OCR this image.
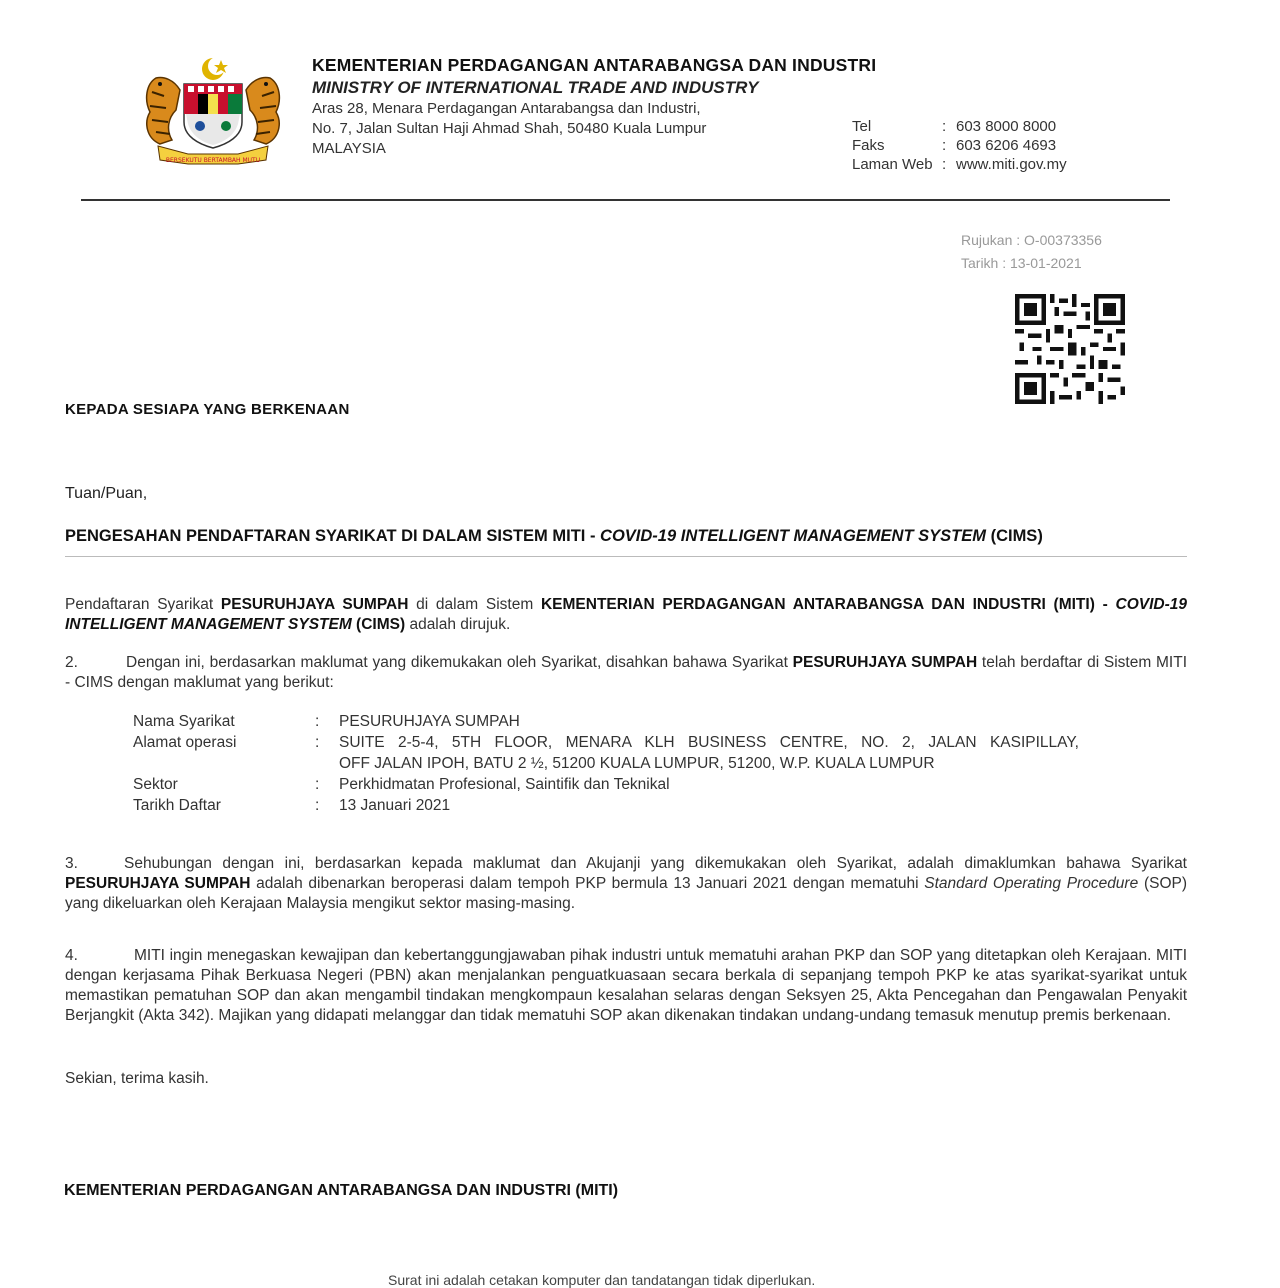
BERSEKUTU BERTAMBAH MUTU
KEMENTERIAN PERDAGANGAN ANTARABANGSA DAN INDUSTRI
MINISTRY OF INTERNATIONAL TRADE AND INDUSTRY
Aras 28, Menara Perdagangan Antarabangsa dan Industri,
No. 7, Jalan Sultan Haji Ahmad Shah, 50480 Kuala Lumpur
MALAYSIA
Tel	: 603 8000 8000
Faks	: 603 6206 4693
Laman Web : www.miti.gov.my
Rujukan : O-00373356
Tarikh : 13-01-2021
KEPADA SESIAPA YANG BERKENAAN
Tuan/Puan,
PENGESAHAN PENDAFTARAN SYARIKAT DI DALAM SISTEM MITI - COVID-19 INTELLIGENT MANAGEMENT SYSTEM (CIMS)
Pendaftaran Syarikat PESURUHJAYA SUMPAH di dalam Sistem KEMENTERIAN PERDAGANGAN ANTARABANGSA DAN INDUSTRI (MITI) - COVID-19 INTELLIGENT MANAGEMENT SYSTEM (CIMS) adalah dirujuk.
2.	Dengan ini, berdasarkan maklumat yang dikemukakan oleh Syarikat, disahkan bahawa Syarikat PESURUHJAYA SUMPAH telah berdaftar di Sistem MITI - CIMS dengan maklumat yang berikut:
Nama Syarikat	:	PESURUHJAYA SUMPAH
Alamat operasi	:	SUITE 2-5-4, 5TH FLOOR, MENARA KLH BUSINESS CENTRE, NO. 2, JALAN KASIPILLAY,
OFF JALAN IPOH, BATU 2 ½, 51200 KUALA LUMPUR, 51200, W.P. KUALA LUMPUR
Sektor	:	Perkhidmatan Profesional, Saintifik dan Teknikal
Tarikh Daftar	:	13 Januari 2021
3.	Sehubungan dengan ini, berdasarkan kepada maklumat dan Akujanji yang dikemukakan oleh Syarikat, adalah dimaklumkan bahawa Syarikat PESURUHJAYA SUMPAH adalah dibenarkan beroperasi dalam tempoh PKP bermula 13 Januari 2021 dengan mematuhi Standard Operating Procedure (SOP) yang dikeluarkan oleh Kerajaan Malaysia mengikut sektor masing-masing.
4.	MITI ingin menegaskan kewajipan dan kebertanggungjawaban pihak industri untuk mematuhi arahan PKP dan SOP yang ditetapkan oleh Kerajaan. MITI dengan kerjasama Pihak Berkuasa Negeri (PBN) akan menjalankan penguatkuasaan secara berkala di sepanjang tempoh PKP ke atas syarikat-syarikat untuk memastikan pematuhan SOP dan akan mengambil tindakan mengkompaun kesalahan selaras dengan Seksyen 25, Akta Pencegahan dan Pengawalan Penyakit Berjangkit (Akta 342). Majikan yang didapati melanggar dan tidak mematuhi SOP akan dikenakan tindakan undang-undang temasuk menutup premis berkenaan.
Sekian, terima kasih.
KEMENTERIAN PERDAGANGAN ANTARABANGSA DAN INDUSTRI (MITI)
Surat ini adalah cetakan komputer dan tandatangan tidak diperlukan.
